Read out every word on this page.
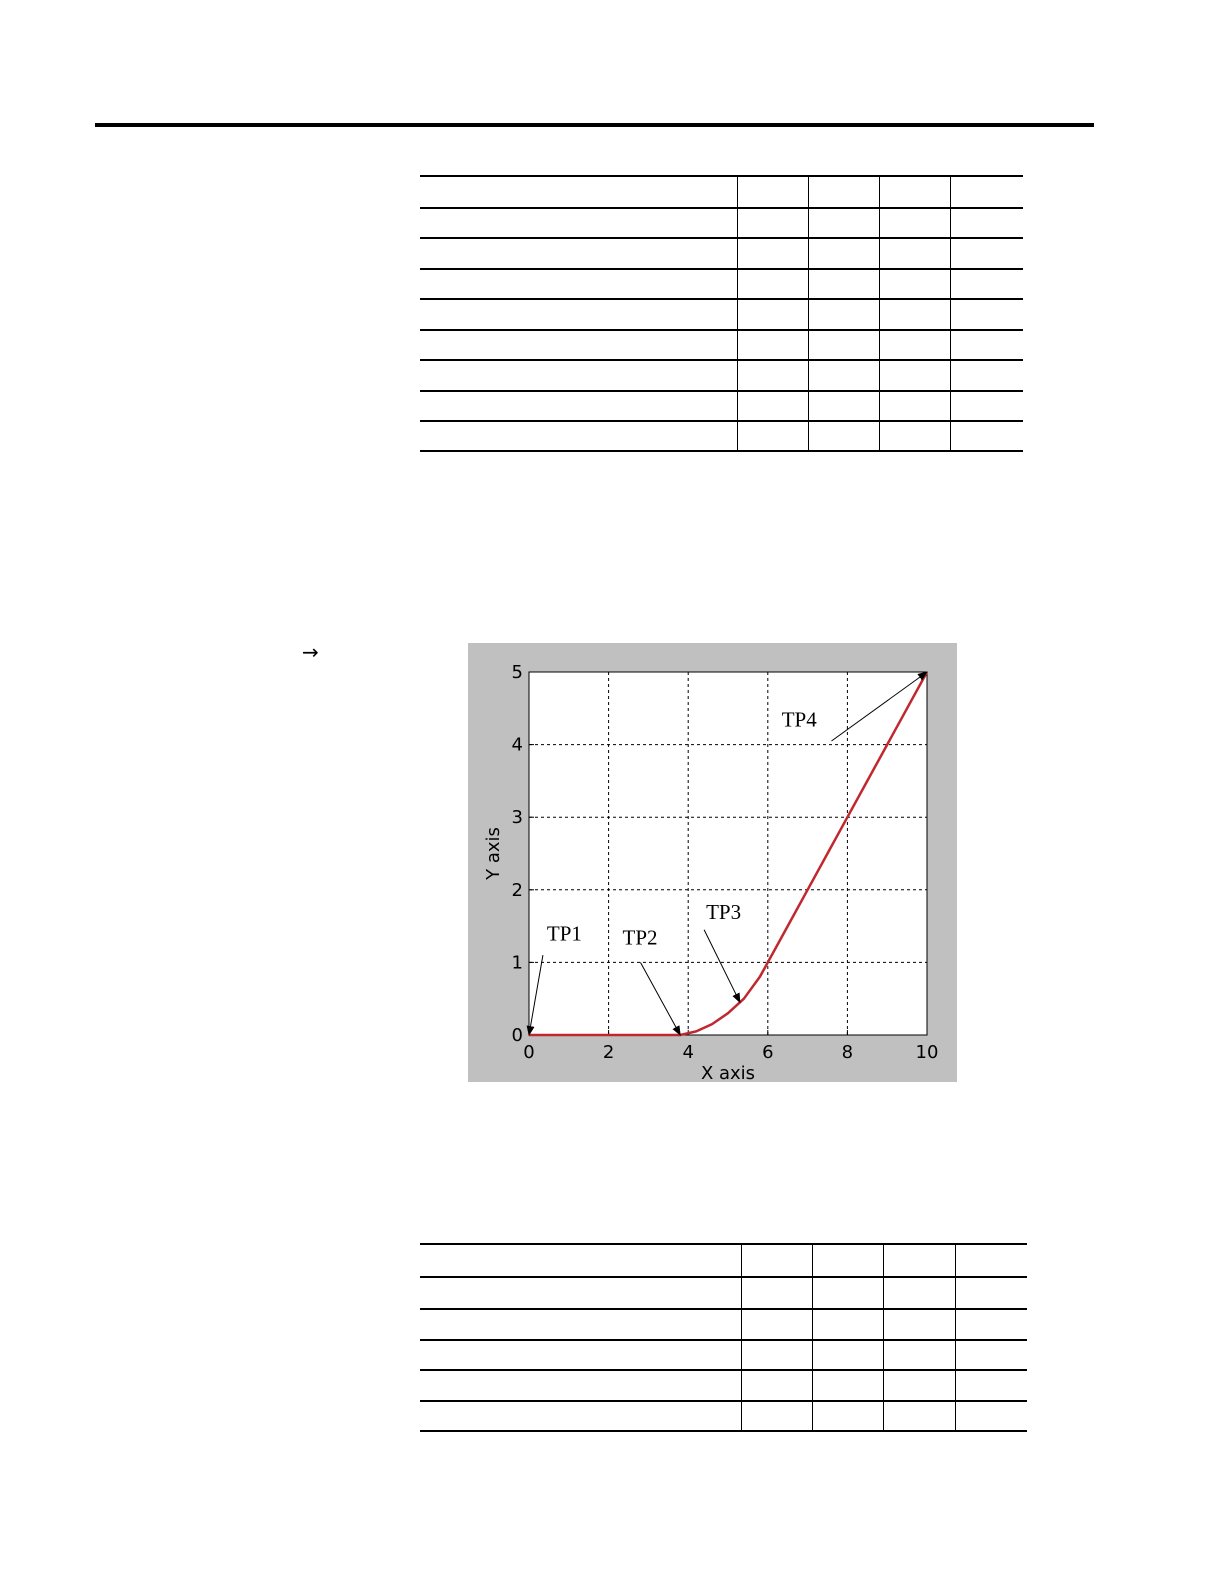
→
0	2	4	6	8	10
0
1
2
3
4
5
TP1 TP2
TP3
TP4
X axis
Y axis
